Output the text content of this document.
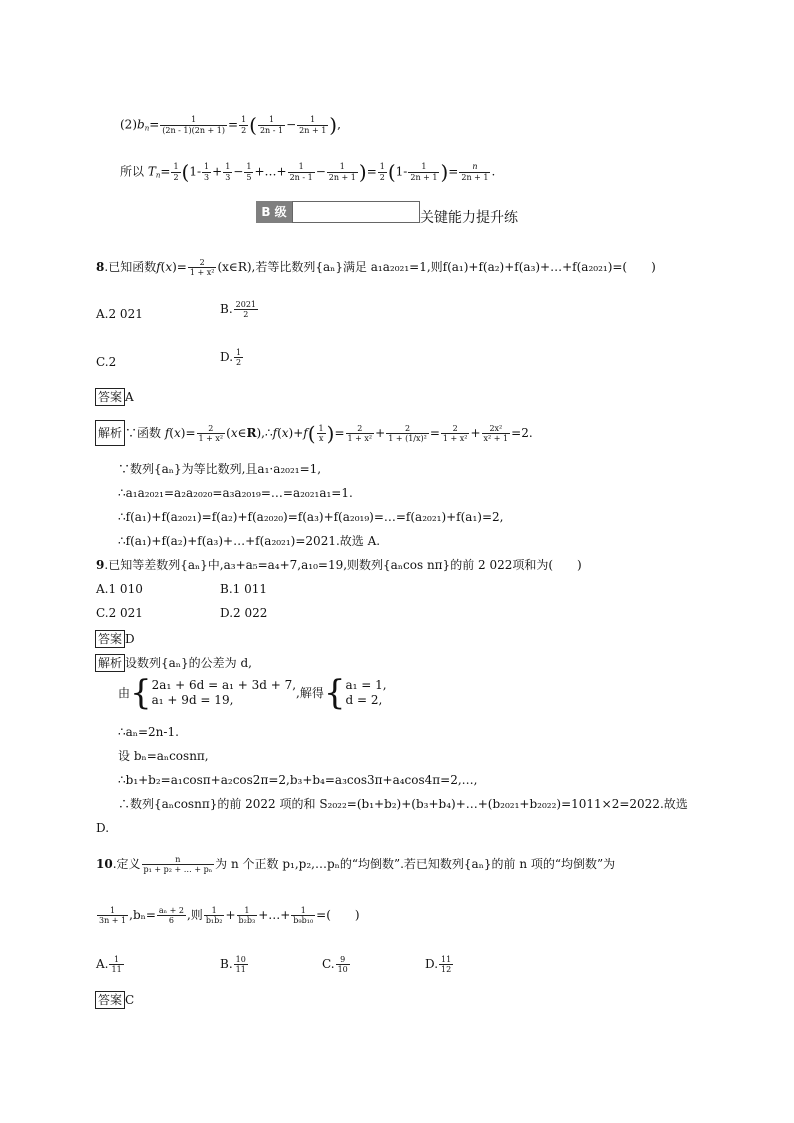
$(2)b_n= \frac{1}{(2n - 1)(2n + 1)} = \frac{1}{2}$ ( $\frac{1}{2n - 1} - \frac{1}{2n + 1}$ ),
所以 $T_n= \frac{1}{2} (1- \frac{1}{3} + \frac{1}{3} - \frac{1}{5}$ +…+ $\frac{1}{2n - 1} - \frac{1}{2n + 1}$ )= $\frac{1}{2} (1- \frac{1}{2n + 1}$ )= $\frac{n}{2n + 1}$ .
B 级	关键能力提升练
8.已知函数$f(x)= \frac{2}{\text{1 + x²}}$ (x∈R),若等比数列{aₙ}满足 a₁a₂₀₂₁=1,则f(a₁)+f(a₂)+f(a₃)+…+f(a₂₀₂₁)=(　　)
A.2 021	B. $\frac{2021}{2}$
C.2	D. $\frac{1}{2}$
答案 A
解析 ∵函数 $f(x)= \frac{2}{\text{1 + x²}}$ (x∈R),∴f(x)+f( $\frac{1}{x}$ )= $\frac{2}{\text{1 + x²}} + \frac{2}{\text{1 + (1/x)²}} = \frac{2}{\text{1 + x²}} + \frac{\text{2x²}}{\text{x² + 1}} =2$.
∵数列{aₙ}为等比数列,且a₁·a₂₀₂₁=1,
∴a₁a₂₀₂₁=a₂a₂₀₂₀=a₃a₂₀₁₉=…=a₂₀₂₁a₁=1.
∴f(a₁)+f(a₂₀₂₁)=f(a₂)+f(a₂₀₂₀)=f(a₃)+f(a₂₀₁₉)=…=f(a₂₀₂₁)+f(a₁)=2,
∴f(a₁)+f(a₂)+f(a₃)+…+f(a₂₀₂₁)=2021.故选 A.
9.已知等差数列{aₙ}中,a₃+a₅=a₄+7,a₁₀=19,则数列{aₙcos nπ}的前 2 022项和为(　　)
A.1 010	B.1 011
C.2 021	D.2 022
答案 D
解析 设数列{aₙ}的公差为 d,
由{ 2a₁ + 6d = a₁ + 3d + 7,
a₁ + 9d = 19,
,解得{ a₁ = 1,
d = 2,
∴aₙ=2n-1.
设 bₙ=aₙcosnπ,
∴b₁+b₂=a₁cosπ+a₂cos2π=2,b₃+b₄=a₃cos3π+a₄cos4π=2,…,
∴数列{aₙcosnπ}的前 2022 项的和 S₂₀₂₂=(b₁+b₂)+(b₃+b₄)+…+(b₂₀₂₁+b₂₀₂₂)=1011×2=2022.故选
D.
10.定义 $\frac{n}{\text{p₁ + p₂ + … + pₙ}}$ 为 n 个正数 p₁,p₂,…pₙ的“均倒数”.若已知数列{aₙ}的前 n 项的“均倒数”为
$\frac{1}{3n + 1} ,b_n= \frac{\text{aₙ + 2}}{6}$ ,则 $\frac{1}{\text{b₁b₂}} + \frac{1}{\text{b₂b₃}}$ +…+ $\frac{1}{\text{b₉b₁₀}}$ =(　　)
A. $\frac{1}{11}$	B. $\frac{10}{11}$	C. $\frac{9}{10}$	D. $\frac{11}{12}$
答案 C
